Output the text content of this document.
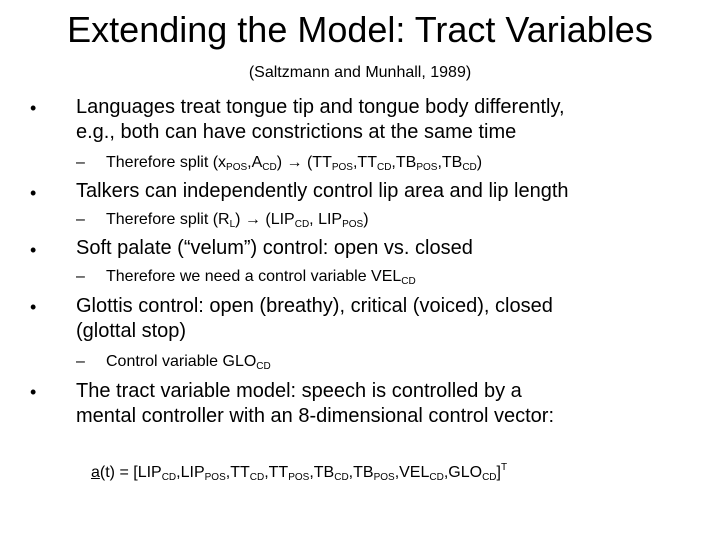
Extending the Model: Tract Variables
(Saltzmann and Munhall, 1989)
• Languages treat tongue tip and tongue body differently,
e.g., both can have constrictions at the same time
– Therefore split $(x_{POS},A_{CD}) \to (TT_{POS},TT_{CD},TB_{POS},TB_{CD})$
• Talkers can independently control lip area and lip length
– Therefore split $(R_L) \to (LIP_{CD}$, $LIP_{POS}$)
• Soft palate (“velum”) control: open vs. closed
– Therefore we need a control variable $VEL_{CD}$
• Glottis control: open (breathy), critical (voiced), closed
(glottal stop)
– Control variable $GLO_{CD}$
• The tract variable model: speech is controlled by a
mental controller with an 8-dimensional control vector:
$a(t) = [LIP_{CD},LIP_{POS},TT_{CD},TT_{POS},TB_{CD},TB_{POS},VEL_{CD},GLO_{CD}]^T$
